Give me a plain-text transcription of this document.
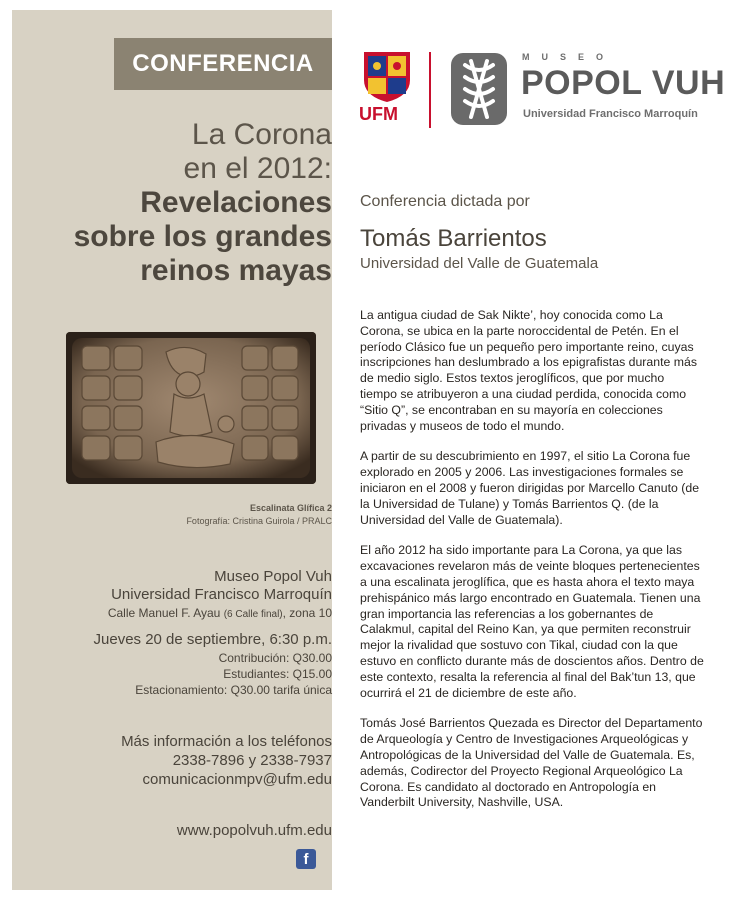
CONFERENCIA
La Corona
en el 2012:
Revelaciones
sobre los grandes
reinos mayas
Escalinata Glífica 2
Fotografía: Cristina Guirola / PRALC
Museo Popol Vuh
Universidad Francisco Marroquín
Calle Manuel F. Ayau (6 Calle final), zona 10
Jueves 20 de septiembre, 6:30 p.m.
Contribución: Q30.00
Estudiantes: Q15.00
Estacionamiento: Q30.00 tarifa única
Más información a los teléfonos
2338-7896 y 2338-7937
comunicacionmpv@ufm.edu
www.popolvuh.ufm.edu
f
UFM
MUSEO
POPOL VUH
Universidad Francisco Marroquín
Conferencia dictada por
Tomás Barrientos
Universidad del Valle de Guatemala

La antigua ciudad de Sak Nikte’, hoy conocida como La Corona, se ubica en la parte noroccidental de Petén. En el período Clásico fue un pequeño pero importante reino, cuyas inscripciones han deslumbrado a los epigrafistas durante más de medio siglo. Estos textos jeroglíficos, que por mucho tiempo se atribuyeron a una ciudad perdida, conocida como “Sitio Q”, se encontraban en su mayoría en colecciones privadas y museos de todo el mundo.

A partir de su descubrimiento en 1997, el sitio La Corona fue explorado en 2005 y 2006. Las investigaciones formales se iniciaron en el 2008 y fueron dirigidas por Marcello Canuto (de la Universidad de Tulane) y Tomás Barrientos Q. (de la Universidad del Valle de Guatemala).

El año 2012 ha sido importante para La Corona, ya que las excavaciones revelaron más de veinte bloques pertenecientes a una escalinata jeroglífica, que es hasta ahora el texto maya prehispánico más largo encontrado en Guatemala. Tienen una gran importancia las referencias a los gobernantes de Calakmul, capital del Reino Kan, ya que permiten reconstruir mejor la rivalidad que sostuvo con Tikal, ciudad con la que estuvo en conflicto durante más de doscientos años. Dentro de este contexto, resalta la referencia al final del Bak’tun 13, que ocurrirá el 21 de diciembre de este año.

Tomás José Barrientos Quezada es Director del Departamento de Arqueología y Centro de Investigaciones Arqueológicas y Antropológicas de la Universidad del Valle de Guatemala. Es, además, Codirector del Proyecto Regional Arqueológico La Corona. Es candidato al doctorado en Antropología en Vanderbilt University, Nashville, USA.
